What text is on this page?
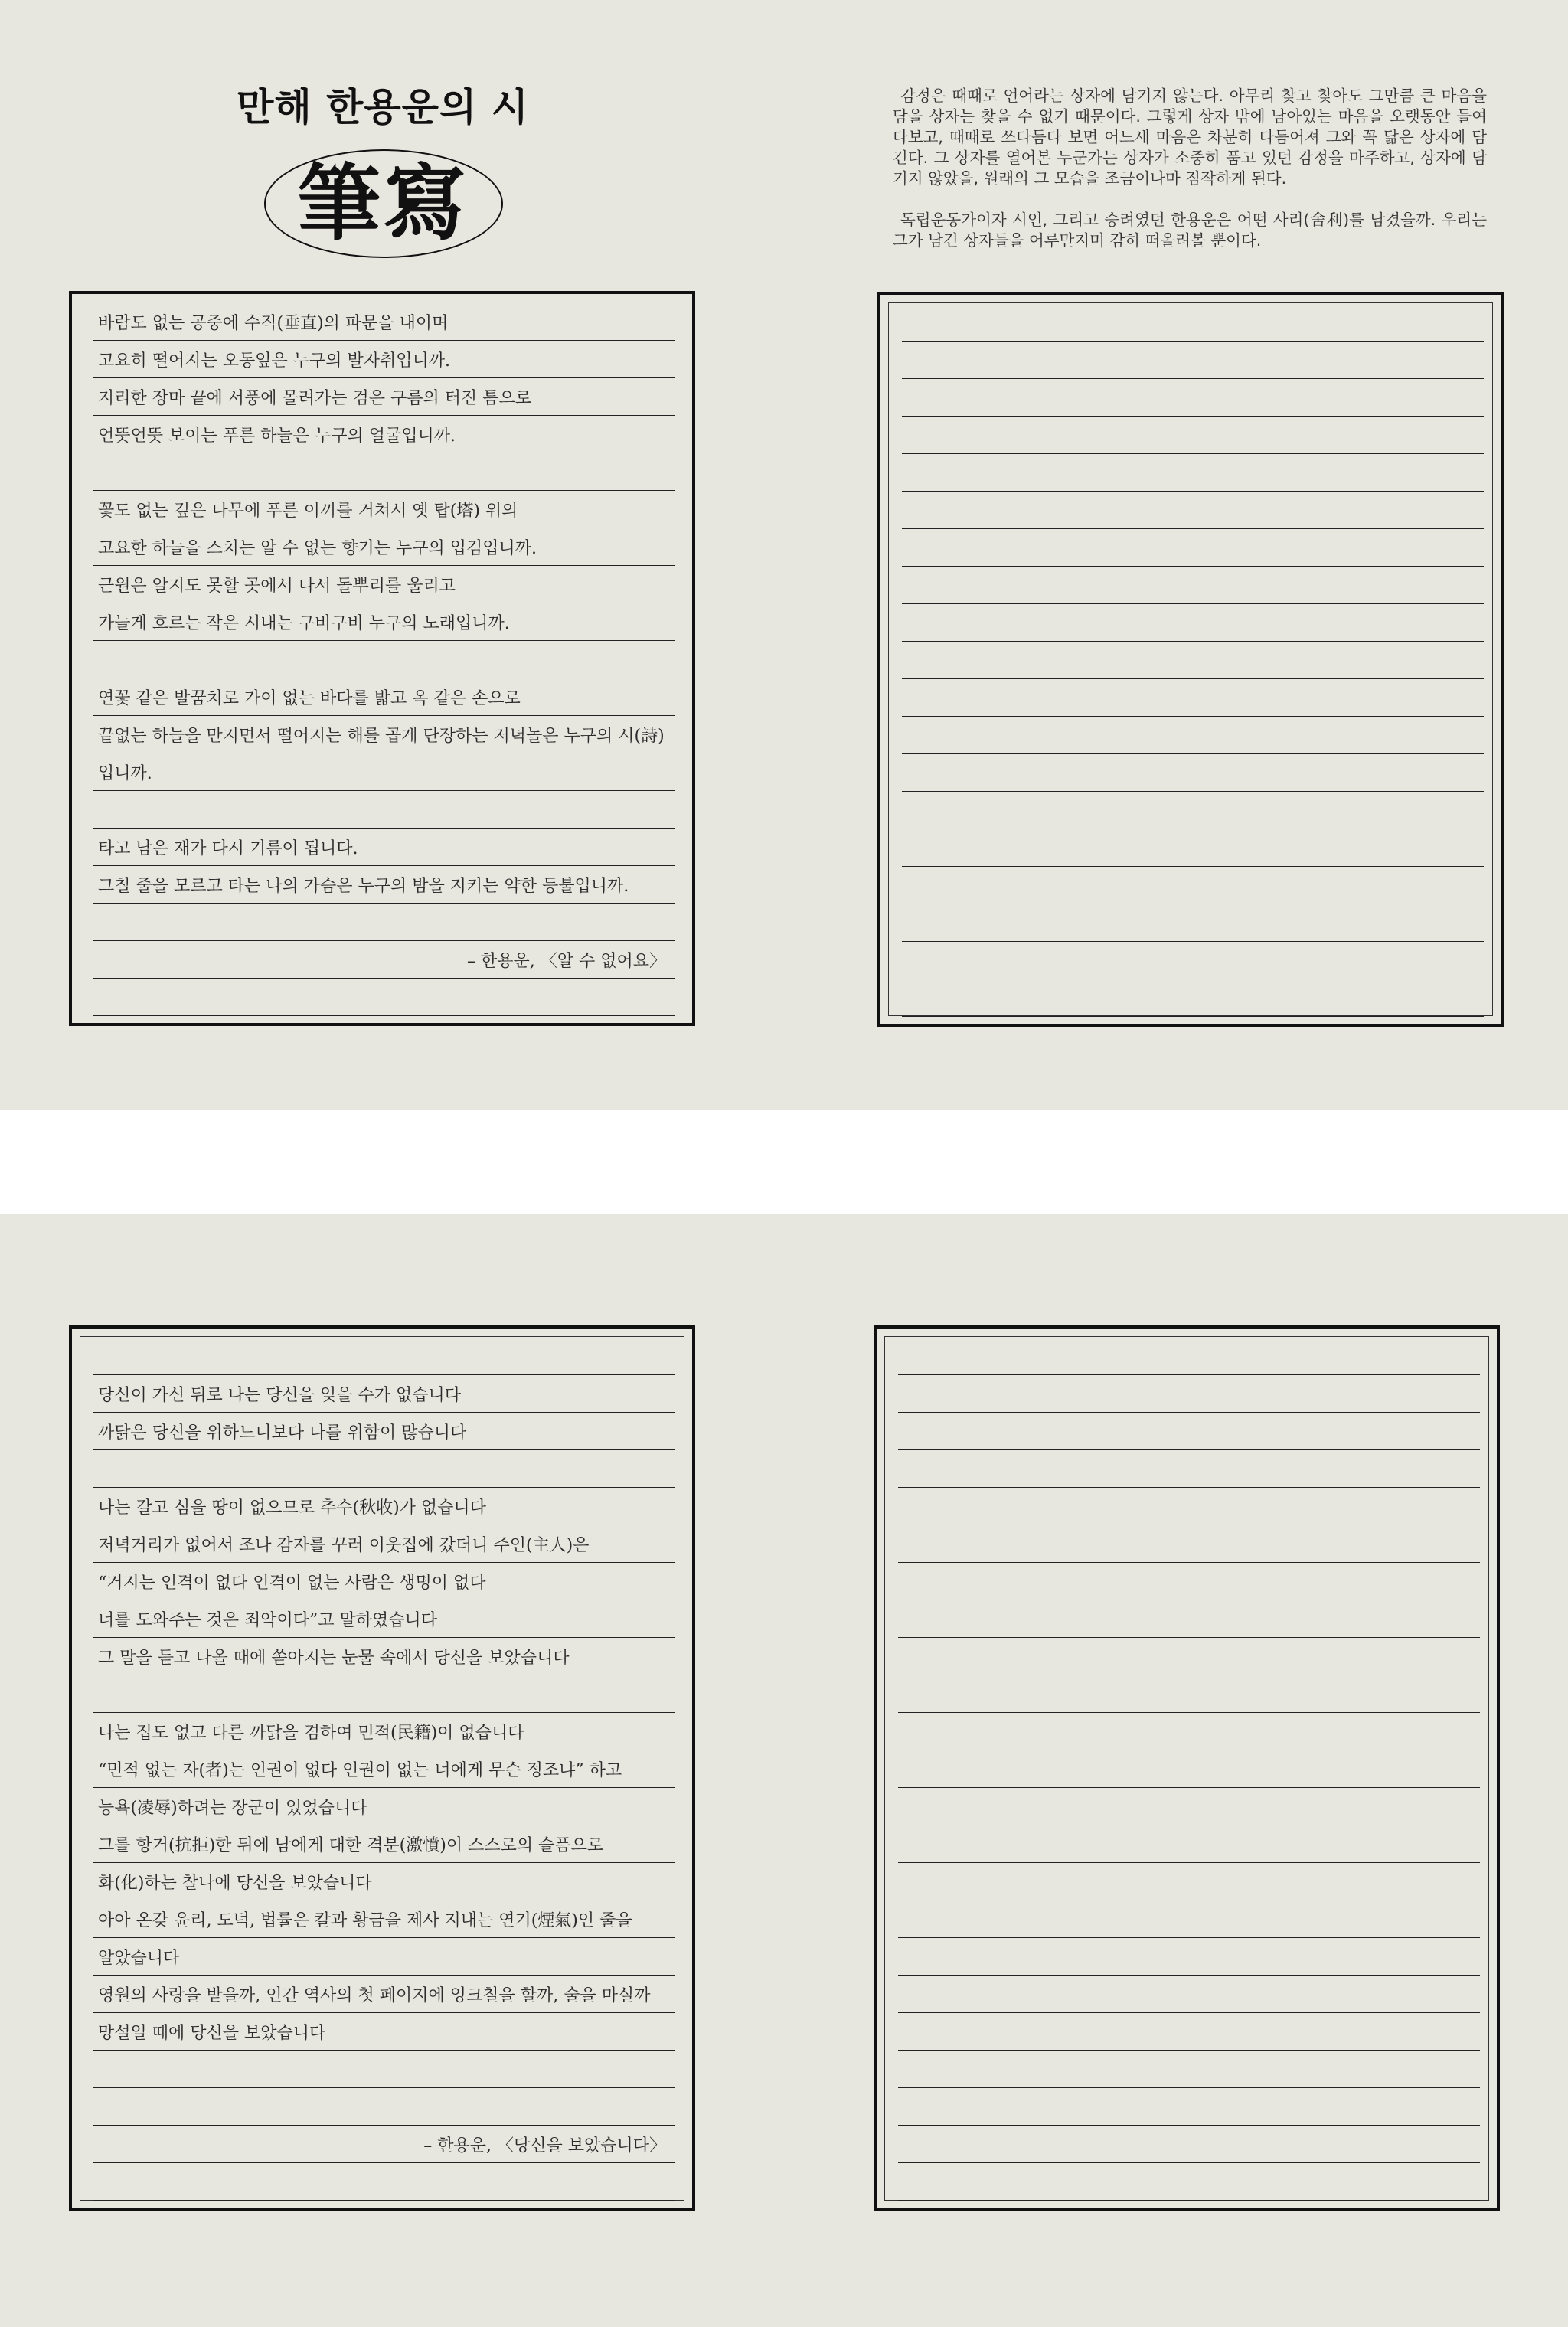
만해 한용운의 시
筆寫

감정은 때때로 언어라는 상자에 담기지 않는다. 아무리 찾고 찾아도 그만큼 큰 마음을 담을 상자는 찾을 수 없기 때문이다. 그렇게 상자 밖에 남아있는 마음을 오랫동안 들여다보고, 때때로 쓰다듬다 보면 어느새 마음은 차분히 다듬어져 그와 꼭 닮은 상자에 담긴다. 그 상자를 열어본 누군가는 상자가 소중히 품고 있던 감정을 마주하고, 상자에 담기지 않았을, 원래의 그 모습을 조금이나마 짐작하게 된다.

독립운동가이자 시인, 그리고 승려였던 한용운은 어떤 사리(舍利)를 남겼을까. 우리는 그가 남긴 상자들을 어루만지며 감히 떠올려볼 뿐이다.

바람도 없는 공중에 수직(垂直)의 파문을 내이며
고요히 떨어지는 오동잎은 누구의 발자취입니까.
지리한 장마 끝에 서풍에 몰려가는 검은 구름의 터진 틈으로
언뜻언뜻 보이는 푸른 하늘은 누구의 얼굴입니까.
꽃도 없는 깊은 나무에 푸른 이끼를 거쳐서 옛 탑(塔) 위의
고요한 하늘을 스치는 알 수 없는 향기는 누구의 입김입니까.
근원은 알지도 못할 곳에서 나서 돌뿌리를 울리고
가늘게 흐르는 작은 시내는 구비구비 누구의 노래입니까.
연꽃 같은 발꿈치로 가이 없는 바다를 밟고 옥 같은 손으로
끝없는 하늘을 만지면서 떨어지는 해를 곱게 단장하는 저녁놀은 누구의 시(詩)
입니까.
타고 남은 재가 다시 기름이 됩니다.
그칠 줄을 모르고 타는 나의 가슴은 누구의 밤을 지키는 약한 등불입니까.
– 한용운, 〈알 수 없어요〉
당신이 가신 뒤로 나는 당신을 잊을 수가 없습니다
까닭은 당신을 위하느니보다 나를 위함이 많습니다
나는 갈고 심을 땅이 없으므로 추수(秋收)가 없습니다
저녁거리가 없어서 조나 감자를 꾸러 이웃집에 갔더니 주인(主人)은
“거지는 인격이 없다 인격이 없는 사람은 생명이 없다
너를 도와주는 것은 죄악이다”고 말하였습니다
그 말을 듣고 나올 때에 쏟아지는 눈물 속에서 당신을 보았습니다
나는 집도 없고 다른 까닭을 겸하여 민적(民籍)이 없습니다
“민적 없는 자(者)는 인권이 없다 인권이 없는 너에게 무슨 정조냐” 하고
능욕(凌辱)하려는 장군이 있었습니다
그를 항거(抗拒)한 뒤에 남에게 대한 격분(激憤)이 스스로의 슬픔으로
화(化)하는 찰나에 당신을 보았습니다
아아 온갖 윤리, 도덕, 법률은 칼과 황금을 제사 지내는 연기(煙氣)인 줄을
알았습니다
영원의 사랑을 받을까, 인간 역사의 첫 페이지에 잉크칠을 할까, 술을 마실까
망설일 때에 당신을 보았습니다
– 한용운, 〈당신을 보았습니다〉
